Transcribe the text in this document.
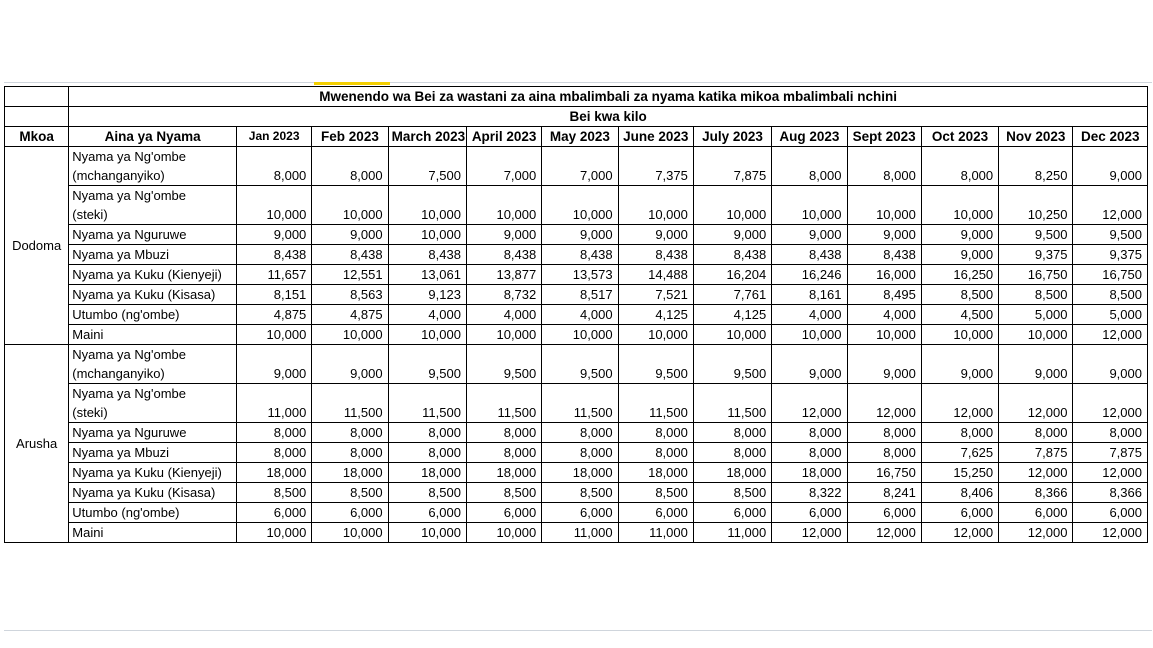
	Mwenendo wa Bei za wastani za aina mbalimbali za nyama katika mikoa mbalimbali nchini												
	Bei kwa kilo												
Mkoa	Aina ya Nyama	Jan 2023	Feb 2023	March 2023	April 2023	May 2023	June 2023	July 2023	Aug 2023	Sept 2023	Oct 2023	Nov 2023	Dec 2023
Dodoma	Nyama ya Ng'ombe
(mchanganyiko)	8,000	8,000	7,500	7,000	7,000	7,375	7,875	8,000	8,000	8,000	8,250	9,000

	Nyama ya Ng'ombe
(steki)	10,000	10,000	10,000	10,000	10,000	10,000	10,000	10,000	10,000	10,000	10,250	12,000

	Nyama ya Nguruwe	9,000	9,000	10,000	9,000	9,000	9,000	9,000	9,000	9,000	9,000	9,500	9,500

	Nyama ya Mbuzi	8,438	8,438	8,438	8,438	8,438	8,438	8,438	8,438	8,438	9,000	9,375	9,375

	Nyama ya Kuku (Kienyeji)	11,657	12,551	13,061	13,877	13,573	14,488	16,204	16,246	16,000	16,250	16,750	16,750

	Nyama ya Kuku (Kisasa)	8,151	8,563	9,123	8,732	8,517	7,521	7,761	8,161	8,495	8,500	8,500	8,500

	Utumbo (ng'ombe)	4,875	4,875	4,000	4,000	4,000	4,125	4,125	4,000	4,000	4,500	5,000	5,000

	Maini	10,000	10,000	10,000	10,000	10,000	10,000	10,000	10,000	10,000	10,000	10,000	12,000
Arusha	Nyama ya Ng'ombe
(mchanganyiko)	9,000	9,000	9,500	9,500	9,500	9,500	9,500	9,000	9,000	9,000	9,000	9,000

	Nyama ya Ng'ombe
(steki)	11,000	11,500	11,500	11,500	11,500	11,500	11,500	12,000	12,000	12,000	12,000	12,000

	Nyama ya Nguruwe	8,000	8,000	8,000	8,000	8,000	8,000	8,000	8,000	8,000	8,000	8,000	8,000

	Nyama ya Mbuzi	8,000	8,000	8,000	8,000	8,000	8,000	8,000	8,000	8,000	7,625	7,875	7,875

	Nyama ya Kuku (Kienyeji)	18,000	18,000	18,000	18,000	18,000	18,000	18,000	18,000	16,750	15,250	12,000	12,000

	Nyama ya Kuku (Kisasa)	8,500	8,500	8,500	8,500	8,500	8,500	8,500	8,322	8,241	8,406	8,366	8,366

	Utumbo (ng'ombe)	6,000	6,000	6,000	6,000	6,000	6,000	6,000	6,000	6,000	6,000	6,000	6,000

	Maini	10,000	10,000	10,000	10,000	11,000	11,000	11,000	12,000	12,000	12,000	12,000	12,000
